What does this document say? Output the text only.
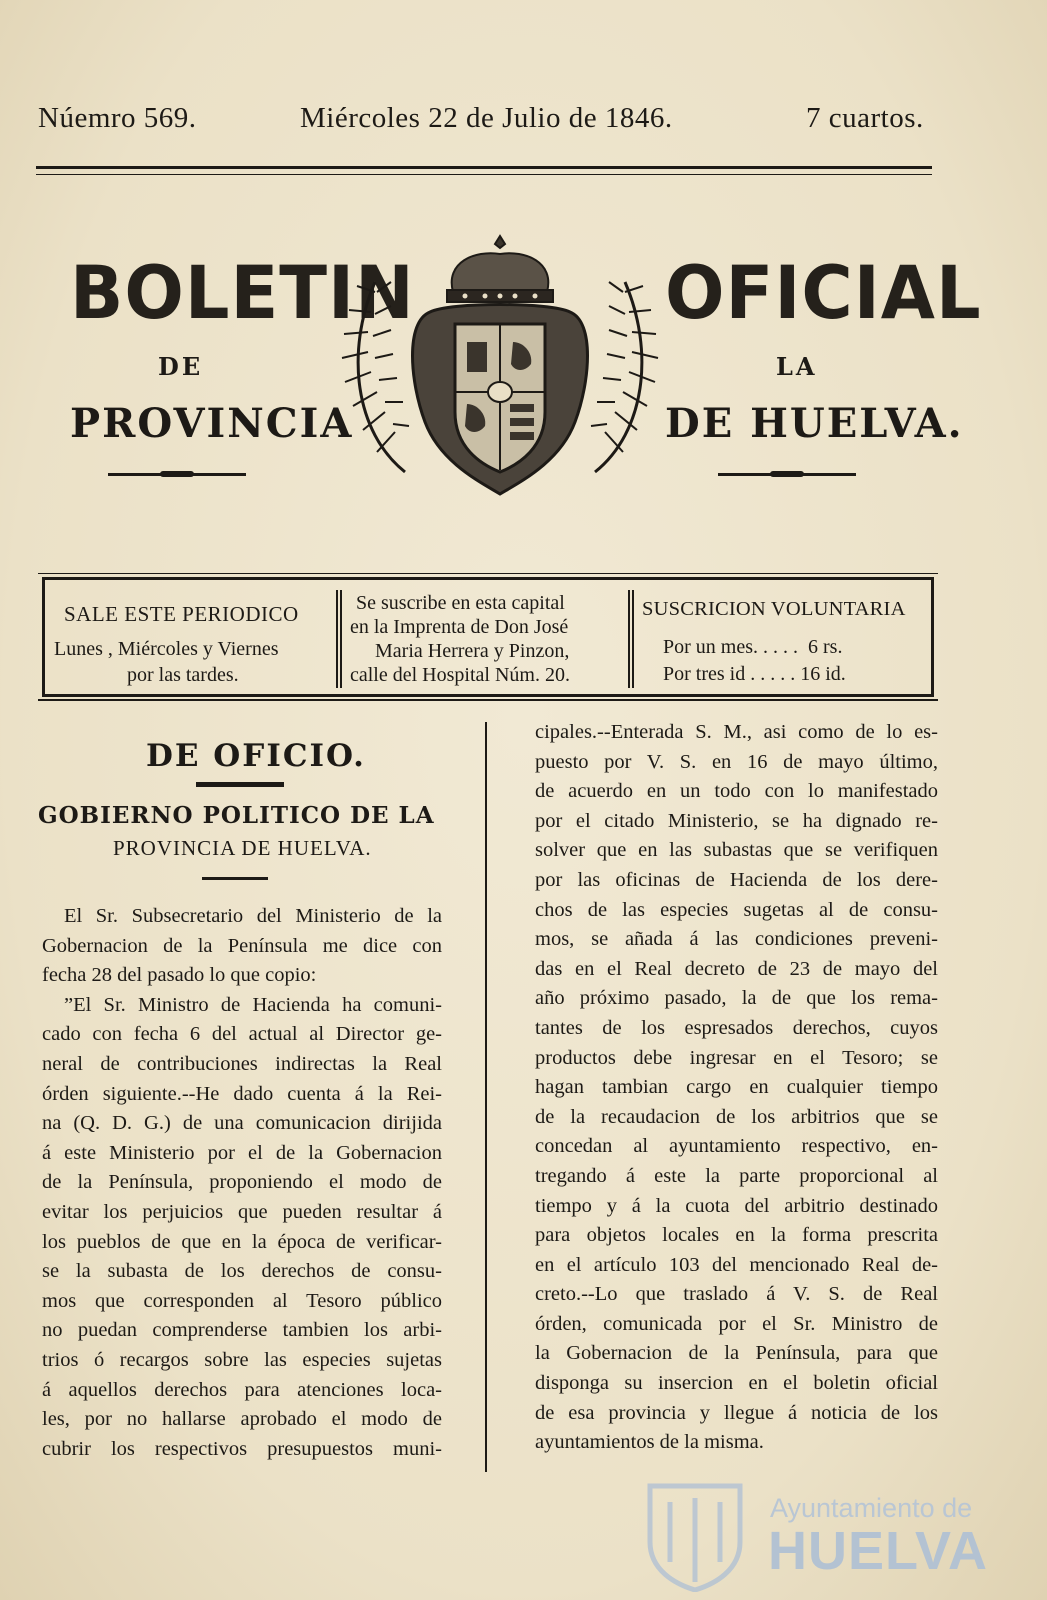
Núemro 569.	Miércoles 22 de Julio de 1846.	7 cuartos.
BOLETIN	OFICIAL
DE	LA
PROVINCIA	DE HUELVA.
SALE ESTE PERIODICO
Lunes , Miércoles y Viernes
por las tardes.
Se suscribe en esta capital
en la Imprenta de Don José
Maria Herrera y Pinzon,
calle del Hospital Núm. 20.
SUSCRICION VOLUNTARIA
Por un mes. . . . .  6 rs.
Por tres id . . . . . 16 id.
DE OFICIO.
GOBIERNO POLITICO DE LA
PROVINCIA DE HUELVA.
El Sr. Subsecretario del Ministerio de la
Gobernacion de la Península me dice con
fecha 28 del pasado lo que copio:
”El Sr. Ministro de Hacienda ha comuni-
cado con fecha 6 del actual al Director ge-
neral de contribuciones indirectas la Real
órden siguiente.--He dado cuenta á la Rei-
na (Q. D. G.) de una comunicacion dirijida
á este Ministerio por el de la Gobernacion
de la Península, proponiendo el modo de
evitar los perjuicios que pueden resultar á
los pueblos de que en la época de verificar-
se la subasta de los derechos de consu-
mos que corresponden al Tesoro público
no puedan comprenderse tambien los arbi-
trios ó recargos sobre las especies sujetas
á aquellos derechos para atenciones loca-
les, por no hallarse aprobado el modo de
cubrir los respectivos presupuestos muni-
cipales.--Enterada S. M., asi como de lo es-
puesto por V. S. en 16 de mayo último,
de acuerdo en un todo con lo manifestado
por el citado Ministerio, se ha dignado re-
solver que en las subastas que se verifiquen
por las oficinas de Hacienda de los dere-
chos de las especies sugetas al de consu-
mos, se añada á las condiciones preveni-
das en el Real decreto de 23 de mayo del
año próximo pasado, la de que los rema-
tantes de los espresados derechos, cuyos
productos debe ingresar en el Tesoro; se
hagan tambian cargo en cualquier tiempo
de la recaudacion de los arbitrios que se
concedan al ayuntamiento respectivo, en-
tregando á este la parte proporcional al
tiempo y á la cuota del arbitrio destinado
para objetos locales en la forma prescrita
en el artículo 103 del mencionado Real de-
creto.--Lo que traslado á V. S. de Real
órden, comunicada por el Sr. Ministro de
la Gobernacion de la Península, para que
disponga su insercion en el boletin oficial
de esa provincia y llegue á noticia de los
ayuntamientos de la misma.
Ayuntamiento de
HUELVA
